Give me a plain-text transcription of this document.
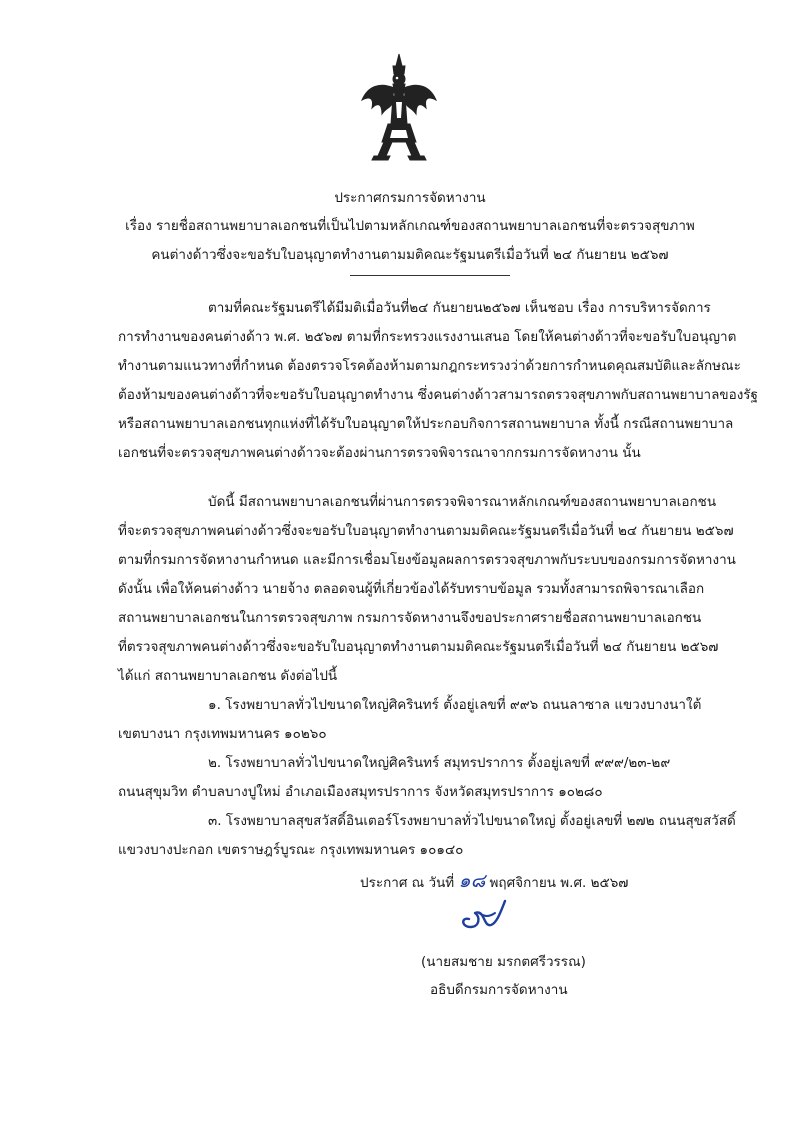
ประกาศกรมการจัดหางาน
เรื่อง รายชื่อสถานพยาบาลเอกชนที่เป็นไปตามหลักเกณฑ์ของสถานพยาบาลเอกชนที่จะตรวจสุขภาพ
คนต่างด้าวซึ่งจะขอรับใบอนุญาตทำงานตามมติคณะรัฐมนตรีเมื่อวันที่ ๒๔ กันยายน ๒๕๖๗
ตามที่คณะรัฐมนตรีได้มีมติเมื่อวันที่๒๔ กันยายน๒๕๖๗ เห็นชอบ เรื่อง การบริหารจัดการ
การทำงานของคนต่างด้าว พ.ศ. ๒๕๖๗ ตามที่กระทรวงแรงงานเสนอ โดยให้คนต่างด้าวที่จะขอรับใบอนุญาต
ทำงานตามแนวทางที่กำหนด ต้องตรวจโรคต้องห้ามตามกฎกระทรวงว่าด้วยการกำหนดคุณสมบัติและลักษณะ
ต้องห้ามของคนต่างด้าวที่จะขอรับใบอนุญาตทำงาน ซึ่งคนต่างด้าวสามารถตรวจสุขภาพกับสถานพยาบาลของรัฐ
หรือสถานพยาบาลเอกชนทุกแห่งที่ได้รับใบอนุญาตให้ประกอบกิจการสถานพยาบาล ทั้งนี้ กรณีสถานพยาบาล
เอกชนที่จะตรวจสุขภาพคนต่างด้าวจะต้องผ่านการตรวจพิจารณาจากกรมการจัดหางาน นั้น
บัดนี้ มีสถานพยาบาลเอกชนที่ผ่านการตรวจพิจารณาหลักเกณฑ์ของสถานพยาบาลเอกชน
ที่จะตรวจสุขภาพคนต่างด้าวซึ่งจะขอรับใบอนุญาตทำงานตามมติคณะรัฐมนตรีเมื่อวันที่ ๒๔ กันยายน ๒๕๖๗
ตามที่กรมการจัดหางานกำหนด และมีการเชื่อมโยงข้อมูลผลการตรวจสุขภาพกับระบบของกรมการจัดหางาน
ดังนั้น เพื่อให้คนต่างด้าว นายจ้าง ตลอดจนผู้ที่เกี่ยวข้องได้รับทราบข้อมูล รวมทั้งสามารถพิจารณาเลือก
สถานพยาบาลเอกชนในการตรวจสุขภาพ กรมการจัดหางานจึงขอประกาศรายชื่อสถานพยาบาลเอกชน
ที่ตรวจสุขภาพคนต่างด้าวซึ่งจะขอรับใบอนุญาตทำงานตามมติคณะรัฐมนตรีเมื่อวันที่ ๒๔ กันยายน ๒๕๖๗
ได้แก่ สถานพยาบาลเอกชน ดังต่อไปนี้
๑. โรงพยาบาลทั่วไปขนาดใหญ่ศิครินทร์ ตั้งอยู่เลขที่ ๙๙๖ ถนนลาซาล แขวงบางนาใต้
เขตบางนา กรุงเทพมหานคร ๑๐๒๖๐
๒. โรงพยาบาลทั่วไปขนาดใหญ่ศิครินทร์ สมุทรปราการ ตั้งอยู่เลขที่ ๙๙๙/๒๓-๒๙
ถนนสุขุมวิท ตำบลบางปูใหม่ อำเภอเมืองสมุทรปราการ จังหวัดสมุทรปราการ ๑๐๒๘๐
๓. โรงพยาบาลสุขสวัสดิ์อินเตอร์โรงพยาบาลทั่วไปขนาดใหญ่ ตั้งอยู่เลขที่ ๒๗๒ ถนนสุขสวัสดิ์
แขวงบางปะกอก เขตราษฎร์บูรณะ กรุงเทพมหานคร ๑๐๑๔๐
ประกาศ ณ วันที่ ๑๘ พฤศจิกายน พ.ศ. ๒๕๖๗
(นายสมชาย มรกตศรีวรรณ)
อธิบดีกรมการจัดหางาน
